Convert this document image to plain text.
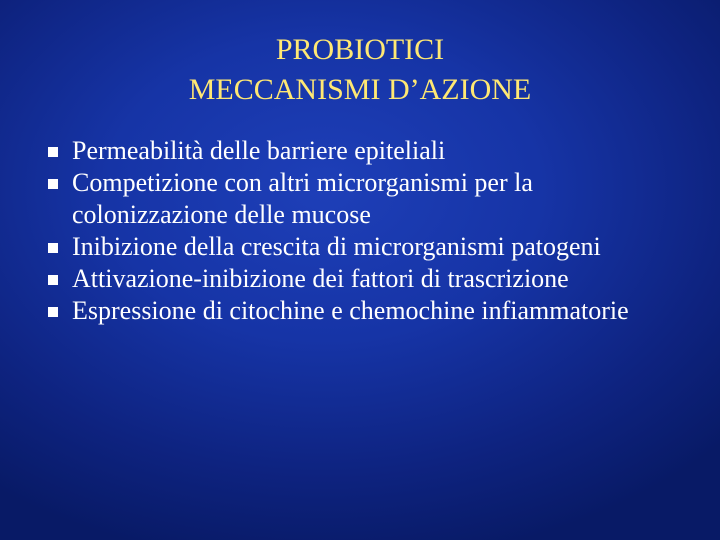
PROBIOTICI
MECCANISMI D’AZIONE
Permeabilità delle barriere epiteliali
Competizione con altri microrganismi per la colonizzazione delle mucose
Inibizione della crescita di microrganismi patogeni
Attivazione-inibizione dei fattori di trascrizione
Espressione di citochine e chemochine infiammatorie
